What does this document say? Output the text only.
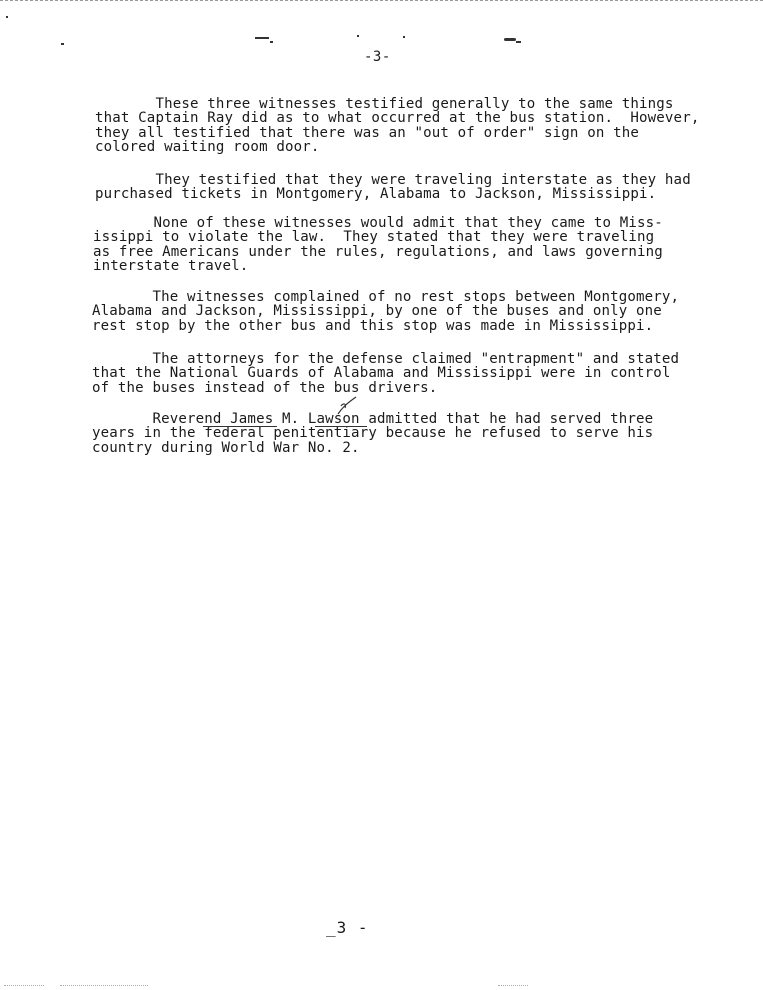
-3-

These three witnesses testified generally to the same things
that Captain Ray did as to what occurred at the bus station.  However,
they all testified that there was an "out of order" sign on the
colored waiting room door.

They testified that they were traveling interstate as they had
purchased tickets in Montgomery, Alabama to Jackson, Mississippi.

None of these witnesses would admit that they came to Miss-
issippi to violate the law.  They stated that they were traveling
as free Americans under the rules, regulations, and laws governing
interstate travel.

The witnesses complained of no rest stops between Montgomery,
Alabama and Jackson, Mississippi, by one of the buses and only one
rest stop by the other bus and this stop was made in Mississippi.

The attorneys for the defense claimed "entrapment" and stated
that the National Guards of Alabama and Mississippi were in control
of the buses instead of the bus drivers.

Reverend James M. Lawson admitted that he had served three
years in the federal penitentiary because he refused to serve his
country during World War No. 2.

_3 -
